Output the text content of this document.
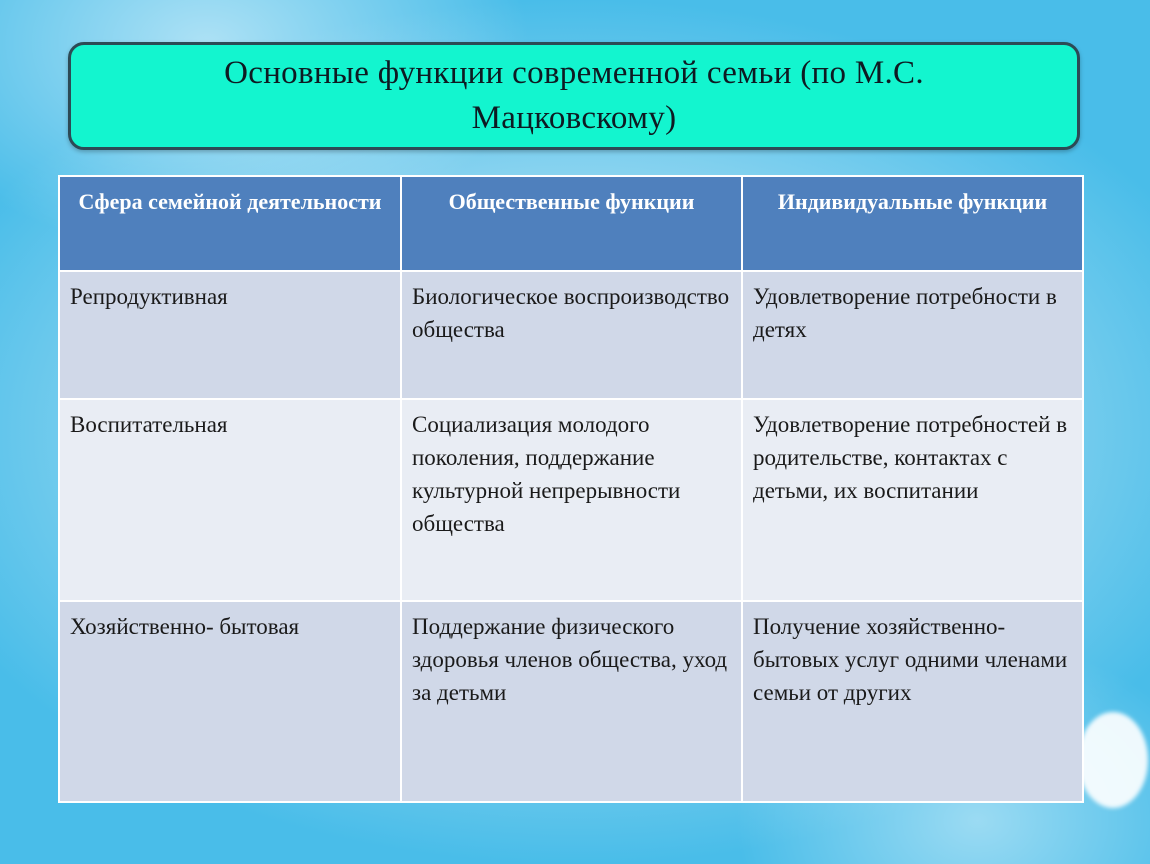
Основные функции современной семьи (по М.С. Мацковскому)
Сфера семейной деятельности	Общественные функции	Индивидуальные функции
Репродуктивная	Биологическое воспроизводство общества	Удовлетворение потребности в детях
Воспитательная	Социализация молодого поколения, поддержание культурной непрерывности общества	Удовлетворение потребностей в родительстве, контактах с детьми, их воспитании
Хозяйственно- бытовая	Поддержание физического здоровья членов общества, уход за детьми	Получение хозяйственно-бытовых услуг одними членами семьи от других
